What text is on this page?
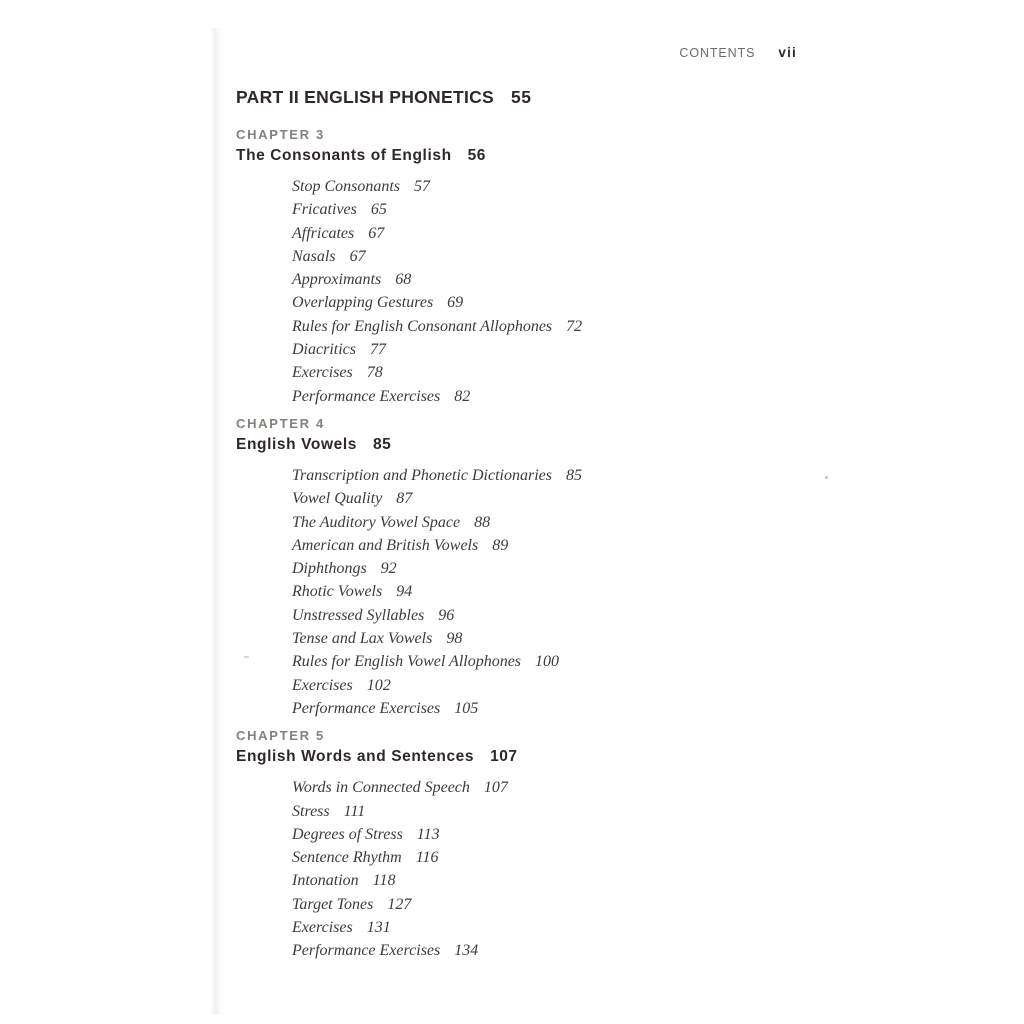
CONTENTS vii
PART II ENGLISH PHONETICS 55
CHAPTER 3
The Consonants of English 56
Stop Consonants 57
Fricatives 65
Affricates 67
Nasals 67
Approximants 68
Overlapping Gestures 69
Rules for English Consonant Allophones 72
Diacritics 77
Exercises 78
Performance Exercises 82
CHAPTER 4
English Vowels 85
Transcription and Phonetic Dictionaries 85
Vowel Quality 87
The Auditory Vowel Space 88
American and British Vowels 89
Diphthongs 92
Rhotic Vowels 94
Unstressed Syllables 96
Tense and Lax Vowels 98
Rules for English Vowel Allophones 100
Exercises 102
Performance Exercises 105
CHAPTER 5
English Words and Sentences 107
Words in Connected Speech 107
Stress 111
Degrees of Stress 113
Sentence Rhythm 116
Intonation 118
Target Tones 127
Exercises 131
Performance Exercises 134
